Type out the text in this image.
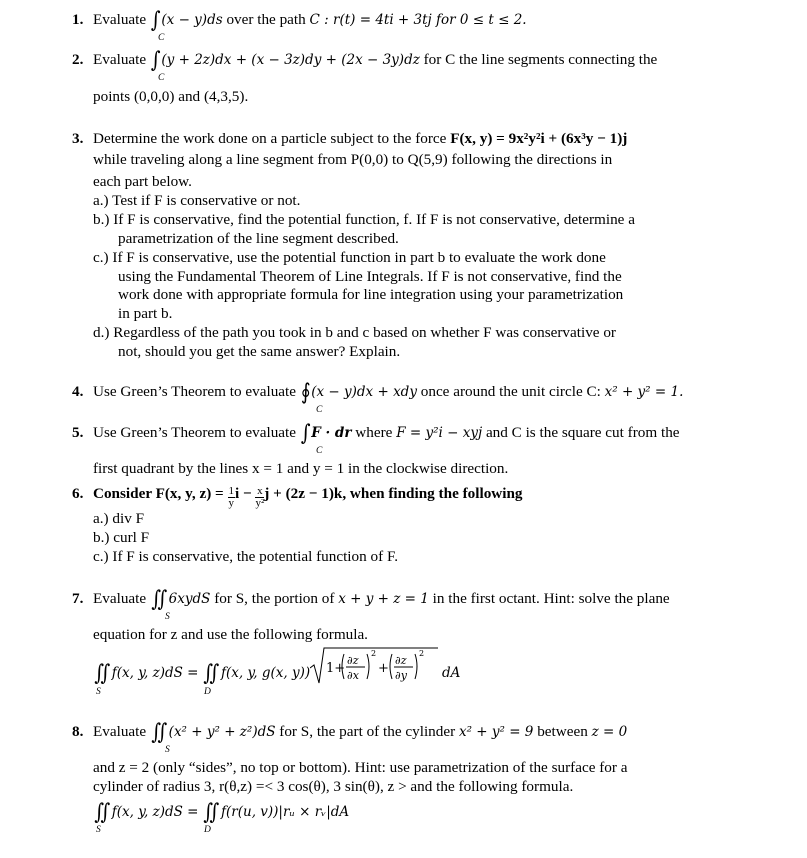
1. Evaluate ∫(x − y)ds over the path C : r(t) = 4ti + 3tj for 0 ≤ t ≤ 2.
C
2. Evaluate ∫(y + 2z)dx + (x − 3z)dy + (2x − 3y)dz for C the line segments connecting the
C
points (0,0,0) and (4,3,5).
3. Determine the work done on a particle subject to the force F(x, y) = 9x²y²i + (6x³y − 1)j
while traveling along a line segment from P(0,0) to Q(5,9) following the directions in
each part below.
a.) Test if F is conservative or not.
b.) If F is conservative, find the potential function, f. If F is not conservative, determine a
parametrization of the line segment described.
c.) If F is conservative, use the potential function in part b to evaluate the work done
using the Fundamental Theorem of Line Integrals. If F is not conservative, find the
work done with appropriate formula for line integration using your parametrization
in part b.
d.) Regardless of the path you took in b and c based on whether F was conservative or
not, should you get the same answer? Explain.
4. Use Green’s Theorem to evaluate ∮(x − y)dx + xdy once around the unit circle C: x² + y² = 1.
C
5. Use Green’s Theorem to evaluate ∫F · dr where F = y²i − xyj and C is the square cut from the
C
first quadrant by the lines x = 1 and y = 1 in the clockwise direction.
6. Consider F(x, y, $z) = \frac{1}{y}$ $i - \frac{x}{\text{y²}}$ j + (2z − 1)k, when finding the following
a.) div F
b.) curl F
c.) If F is conservative, the potential function of F.
7. Evaluate ∬6xydS for S, the portion of x + y + z = 1 in the first octant. Hint: solve the plane
S
equation for z and use the following formula.
∬f(x, y, z)dS = ∬f(x, y, g(x, y)) 1+
∂z
∂x
2
+
∂z
∂y
2
dA
S	D
8. Evaluate ∬(x² + y² + z²)dS for S, the part of the cylinder x² + y² = 9 between z = 0
S
and z = 2 (only “sides”, no top or bottom). Hint: use parametrization of the surface for a
cylinder of radius 3, r(θ,z) =< 3 cos(θ), 3 sin(θ), z > and the following formula.
∬f(x, y, z)dS = ∬f(r(u, v))|rᵤ × rᵥ|dA
S	D
